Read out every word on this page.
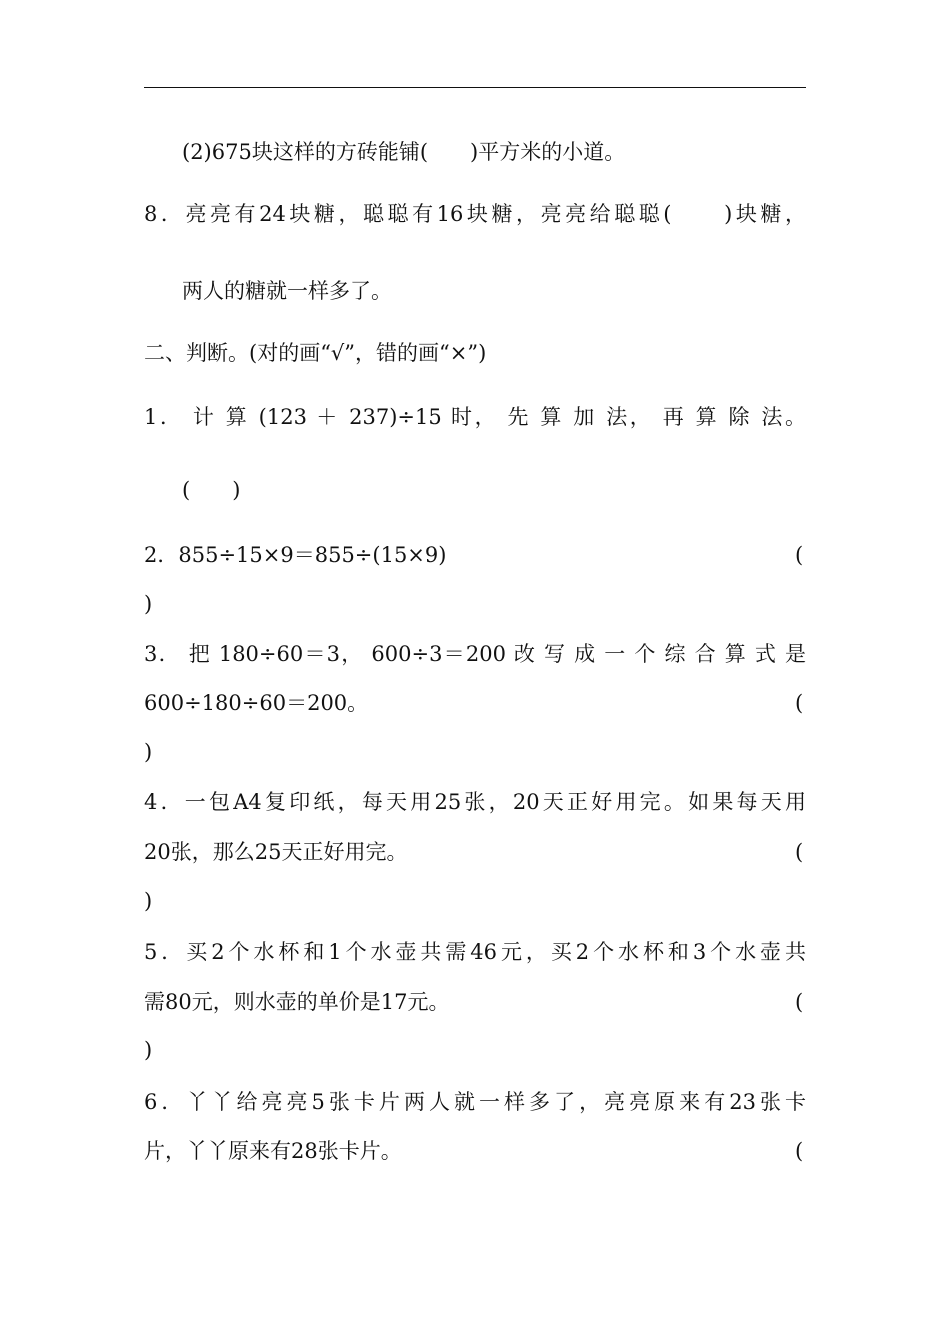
(2)675块这样的方砖能铺(　　)平方米的小道。
8．亮亮有24块糖，聪聪有16块糖，亮亮给聪聪(　　)块糖，
两人的糖就一样多了。
二、判断。(对的画“√”，错的画“×”)
1． 计 算 (123 ＋ 237)÷15 时， 先 算 加 法， 再 算 除 法。
(　　)
2．855÷15×9＝855÷(15×9)	(
)
3． 把 180÷60＝3， 600÷3＝200 改 写 成 一 个 综 合 算 式 是
600÷180÷60＝200。	(
)
4．一包A4复印纸，每天用25张，20天正好用完。如果每天用
20张，那么25天正好用完。	(
)
5．买2个水杯和1个水壶共需46元，买2个水杯和3个水壶共
需80元，则水壶的单价是17元。	(
)
6．丫丫给亮亮5张卡片两人就一样多了，亮亮原来有23张卡
片，丫丫原来有28张卡片。	(
